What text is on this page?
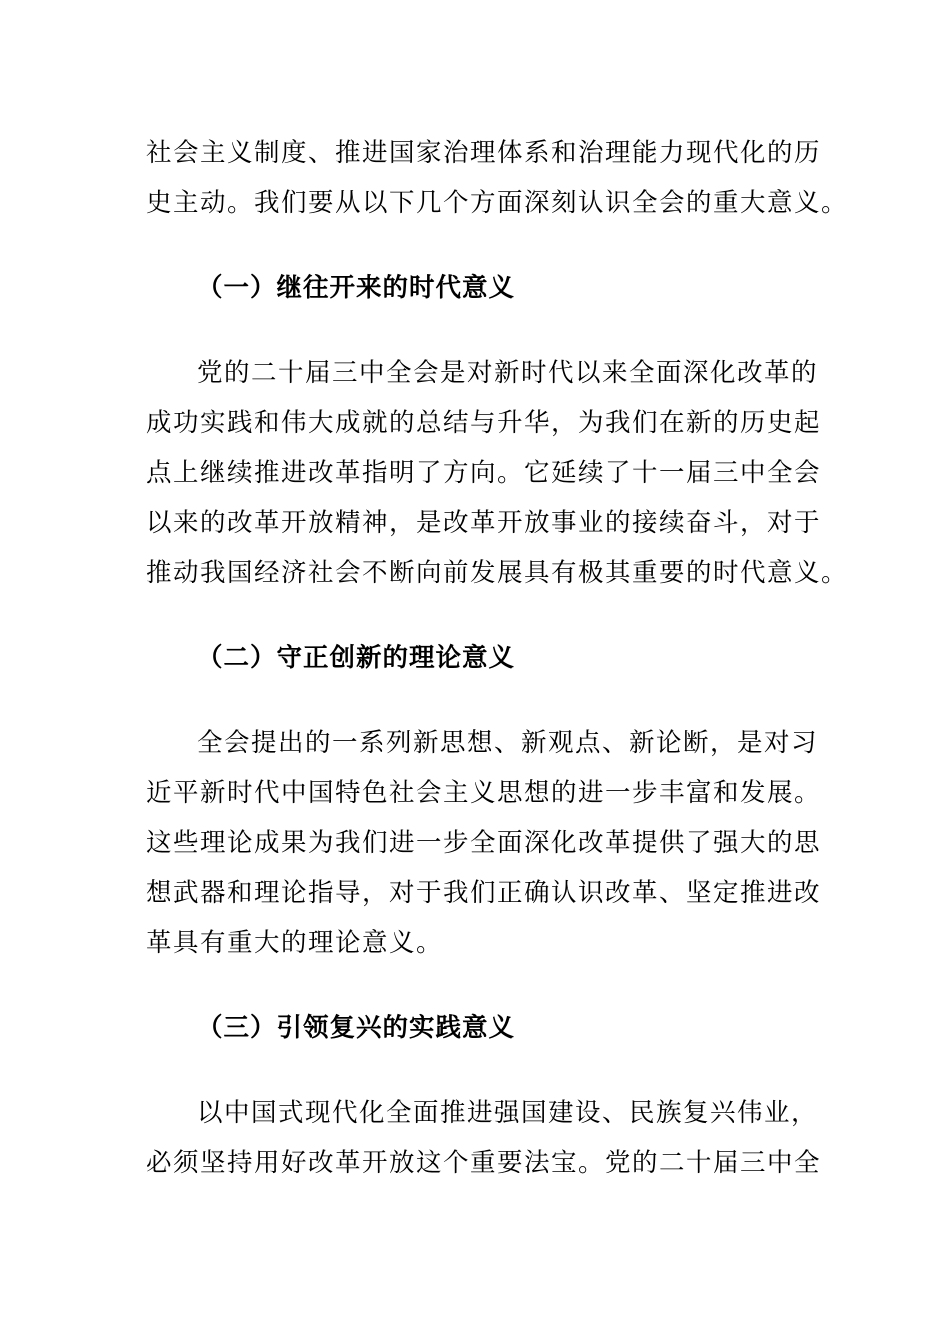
社会主义制度、推进国家治理体系和治理能力现代化的历
史主动。我们要从以下几个方面深刻认识全会的重大意义。
（一）继往开来的时代意义
党的二十届三中全会是对新时代以来全面深化改革的
成功实践和伟大成就的总结与升华，为我们在新的历史起
点上继续推进改革指明了方向。它延续了十一届三中全会
以来的改革开放精神，是改革开放事业的接续奋斗，对于
推动我国经济社会不断向前发展具有极其重要的时代意义。
（二）守正创新的理论意义
全会提出的一系列新思想、新观点、新论断，是对习
近平新时代中国特色社会主义思想的进一步丰富和发展。
这些理论成果为我们进一步全面深化改革提供了强大的思
想武器和理论指导，对于我们正确认识改革、坚定推进改
革具有重大的理论意义。
（三）引领复兴的实践意义
以中国式现代化全面推进强国建设、民族复兴伟业，
必须坚持用好改革开放这个重要法宝。党的二十届三中全
